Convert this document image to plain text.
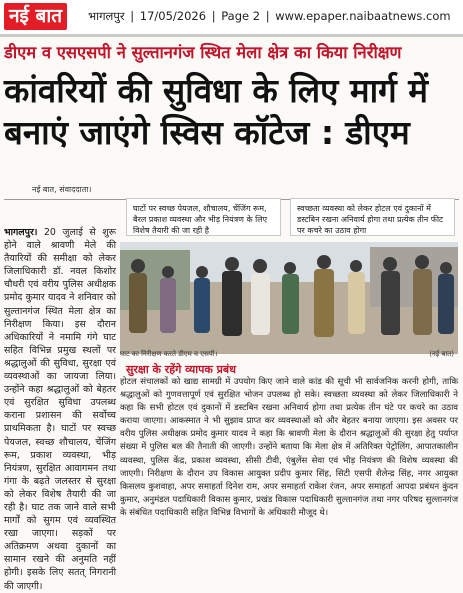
नई बात	भागलपुर | 17/05/2026 | Page 2 | www.epaper.naibaatnews.com
डीएम व एसएसपी ने सुल्तानगंज स्थित मेला क्षेत्र का किया निरीक्षण
कांवरियों की सुविधा के लिए मार्ग में बनाएं जाएंगे स्विस कॉटेज : डीएम
नई बात, संवाददाता।
घाटों पर स्वच्छ पेयजल, शौचालय, चेंजिंग रूम, बैरल प्रकाश व्यवस्था और भीड़ नियंत्रण के लिए विशेष तैयारी की जा रही है
स्वच्छता व्यवस्था को लेकर होटल एवं दुकानों में डस्टबिन रखना अनिवार्य होगा तथा प्रत्येक तीन फीट पर कचरे का उठाव होगा
भागलपुर। 20 जुलाई से शुरू होने वाले श्रावणी मेले की तैयारियों की समीक्षा को लेकर जिलाधिकारी डॉ. नवल किशोर चौधरी एवं वरीय पुलिस अधीक्षक प्रमोद कुमार यादव ने शनिवार को सुल्तानगंज स्थित मेला क्षेत्र का निरीक्षण किया। इस दौरान अधिकारियों ने नमामि गंगे घाट सहित विभिन्न प्रमुख स्थलों पर श्रद्धालुओं की सुविधा, सुरक्षा एवं व्यवस्थाओं का जायजा लिया। उन्होंने कहा श्रद्धालुओं को बेहतर एवं सुरक्षित सुविधा उपलब्ध कराना प्रशासन की सर्वोच्च प्राथमिकता है। घाटों पर स्वच्छ पेयजल, स्वच्छ शौचालय, चेंजिंग रूम, प्रकाश व्यवस्था, भीड़ नियंत्रण, सुरक्षित आवागमन तथा गंगा के बढ़ते जलस्तर से सुरक्षा को लेकर विशेष तैयारी की जा रही है। घाट तक जाने वाले सभी मार्गों को सुगम एवं व्यवस्थित रखा जाएगा। सड़कों पर अतिक्रमण अथवा दुकानों का सामान रखने की अनुमति नहीं होगी। इसके लिए सतत् निगरानी की जाएगी।
घाट का निरीक्षण करते डीएम व एसपी।	(नई बात)
सुरक्षा के रहेंगे व्यापक प्रबंध
होटल संचालकों को खाद्य सामग्री में उपयोग किए जाने वाले कांड की सूची भी सार्वजनिक करनी होगी, ताकि श्रद्धालुओं को गुणवत्तापूर्ण एवं सुरक्षित भोजन उपलब्ध हो सके। स्वच्छता व्यवस्था को लेकर जिलाधिकारी ने कहा कि सभी होटल एवं दुकानों में डस्टबिन रखना अनिवार्य होगा तथा प्रत्येक तीन घंटे पर कचरे का उठाव कराया जाएगा। आकस्मात ने भी सुझाव प्राप्त कर व्यवस्थाओं को और बेहतर बनाया जाएगा। इस अवसर पर वरीय पुलिस अधीक्षक प्रमोद कुमार यादव ने कहा कि श्रावणी मेला के दौरान श्रद्धालुओं की सुरक्षा हेतु पर्याप्त संख्या में पुलिस बल की तैनाती की जाएगी। उन्होंने बताया कि मेला क्षेत्र में अतिरिक्त पेट्रोलिंग, आपातकालीन व्यवस्था, पुलिस केंद्र, प्रकाश व्यवस्था, सीसी टीवी, एंबुलेंस सेवा एवं भीड़ नियंत्रण की विशेष व्यवस्था की जाएगी। निरीक्षण के दौरान उप विकास आयुक्त प्रदीप कुमार सिंह, सिटी एसपी शैलेन्द्र सिंह, नगर आयुक्त किसलय कुशवाहा, अपर समाहर्ता दिनेश राम, अपर समाहर्ता राकेश रंजन, अपर समाहर्ता आपदा प्रबंधन कुंदन कुमार, अनुमंडल पदाधिकारी विकास कुमार, प्रखंड विकास पदाधिकारी सुल्तानगंज तथा नगर परिषद सुल्तानगंज के संबंधित पदाधिकारी सहित विभिन्न विभागों के अधिकारी मौजूद थे।
